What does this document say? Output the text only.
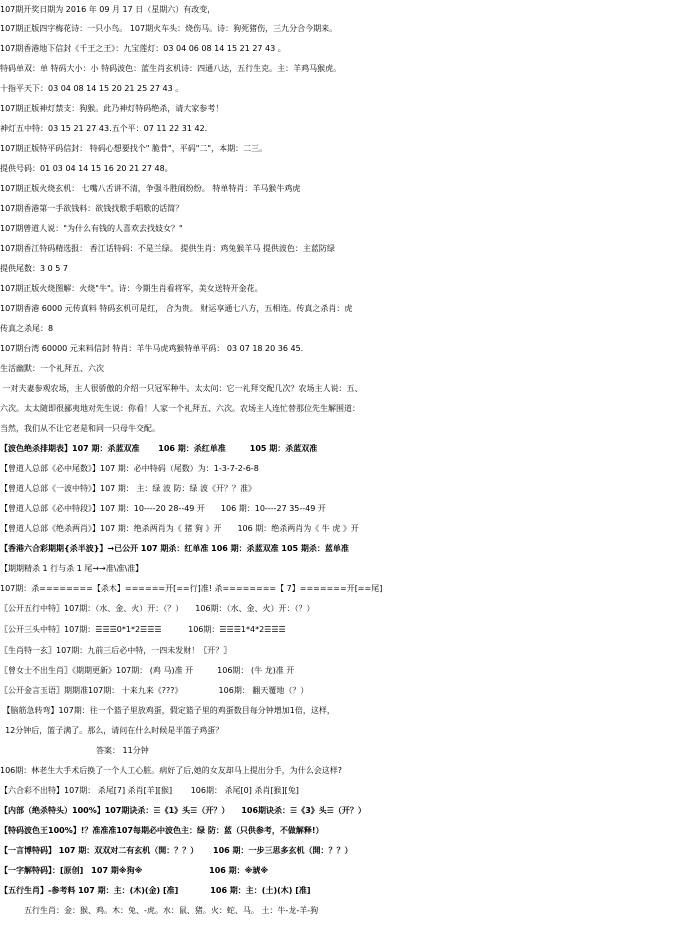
107期开奖日期为 2016 年 09 月 17 日（星期六）有改变，
107期正版四字梅花诗：一只小鸟。 107期火车头：烧伤马。诗：狗死猪伤，三九分合今期来。
107期香港地下信封《千王之王》：九宝莲灯：03 04 06 08 14 15 21 27 43 。
特码单双：单 特码大小：小 特码波色：蓝生肖玄机诗：四通八达，五行生克。主：羊鸡马猴虎。
十指平天下：03 04 08 14 15 20 21 25 27 43 。
107期正版神灯禁支：狗猴。此乃神灯特码绝杀，请大家参考！
神灯五中特：03 15 21 27 43.五个平：07 11 22 31 42.
107期正版特平码信封： 特码心想要找个" 脆骨"，平码"二"，本期：二三。
提供号码：01 03 04 14 15 16 20 21 27 48。
107期正版火烧玄机： 七嘴八舌讲不清，争强斗胜闹纷纷。 特单特肖：羊马猴牛鸡虎
107期香港第一手欲钱料：欲钱找歌手唱歌的话简？
107期曾道人说："为什么有钱的人喜欢去找妓女？"
107期香江特码精选报： 香江话特码：不是兰绿。 提供生肖：鸡兔猴羊马 提供波色：主蓝防绿
提供尾数：3 0 5 7
107期正版火烧图解：火烧"牛"。诗：今期生肖看将军，美女送特开金花。
107期香港 6000 元传真料 特码玄机可是红， 合为贵。 财运享通七八方，五相连。传真之杀肖：虎
传真之杀尾：8
107期台湾 60000 元来料信封 特肖：羊牛马虎鸡猴特单平码： 03 07 18 20 36 45.
生活幽默：一个礼拜五、六次
一对夫妻参观农场，主人很骄傲的介绍一只冠军种牛。太太问：它一礼拜交配几次？农场主人说：五、
六次。太太随即很鄙夷地对先生说：你看！人家一个礼拜五、六次。农场主人连忙替那位先生解围道：
当然，我们从不让它老是和同一只母牛交配。
【波色绝杀排期表】107 期：杀蓝双准　　 106 期：杀红单准　　　105 期：杀蓝双准
【曾道人总部《必中尾数》】107 期：必中特码（尾数）为：1-3-7-2-6-8
【曾道人总部《一波中特》】107 期： 主：绿 波 防：绿 波《开？？准》
【曾道人总部《必中特段》】107 期：10----20 28--49 开　　106 期：10----27 35--49 开
【曾道人总部《绝杀两肖》】107 期：绝杀两肖为《 猪 狗 》开　　106 期：绝杀两肖为《 牛 虎 》开
【香港六合彩期期{杀半波}】→已公开 107 期杀：红单准 106 期：杀蓝双准 105 期杀：蓝单准
【期期精杀 1 行与杀 1 尾→→准\准\准】
107期：杀========【杀木】======开[==行]准! 杀========【 7】=======开[==尾]
〖公开五行中特〗107期：（水、金、火）开：（？）　　106期：（水、金、火）开：（？）
〖公开三头中特〗107期：☰☰☰0*1*2☰☰☰　　　 106期：☰☰☰1*4*2☰☰☰
〖生肖特一玄〗107期：九前三后必中特，一四未发财！〖开？〗
〖曾女士不出生肖〗《期期更新》107期： (鸡 马)准 开　　　106期： (牛 龙)准 开
〖公开金言玉语〗期期准107期： 十来九来《???》　　　　　106期： 翻天覆地（？）
【脑筋急转弯】107期：往一个篮子里放鸡蛋，假定篮子里的鸡蛋数目每分钟增加1倍，这样，
12分钟后，篮子满了。那么，请问在什么时候是半篮子鸡蛋？
　　　　　　　　　　　　答案： 11分钟
106期：林老生大手术后换了一个人工心脏。病好了后,她的女友却马上提出分手，为什么会这样?
【六合彩不出特】107期： 杀尾[7] 杀肖[羊][猴]　　 106期： 杀尾[0] 杀肖[猴][兔]
【内部（绝杀特头）100%】107期诀杀：☰《1》头☰（开？）　　106期诀杀：☰《3》头☰（开？）
【特码波色王100%】!？准准准107每期必中波色主：绿 防：蓝（只供参考，不做解释!）
【一言博特码】 107 期：双双对二有玄机（開：？？）　　 106 期：一步三思多玄机（開：？？）
【一字解特码】：[原创]　107 期※狗※　　　　　　　　 106 期：※琥※
【五行生肖】-参考料 107 期：主：(木)(金) [准]　　　　106 期：主：(土)(木) [准]
　　　五行生肖：金：猴、鸡。木：兔、-虎。水：鼠、猪。火：蛇、马。 土：牛-龙-羊-狗
